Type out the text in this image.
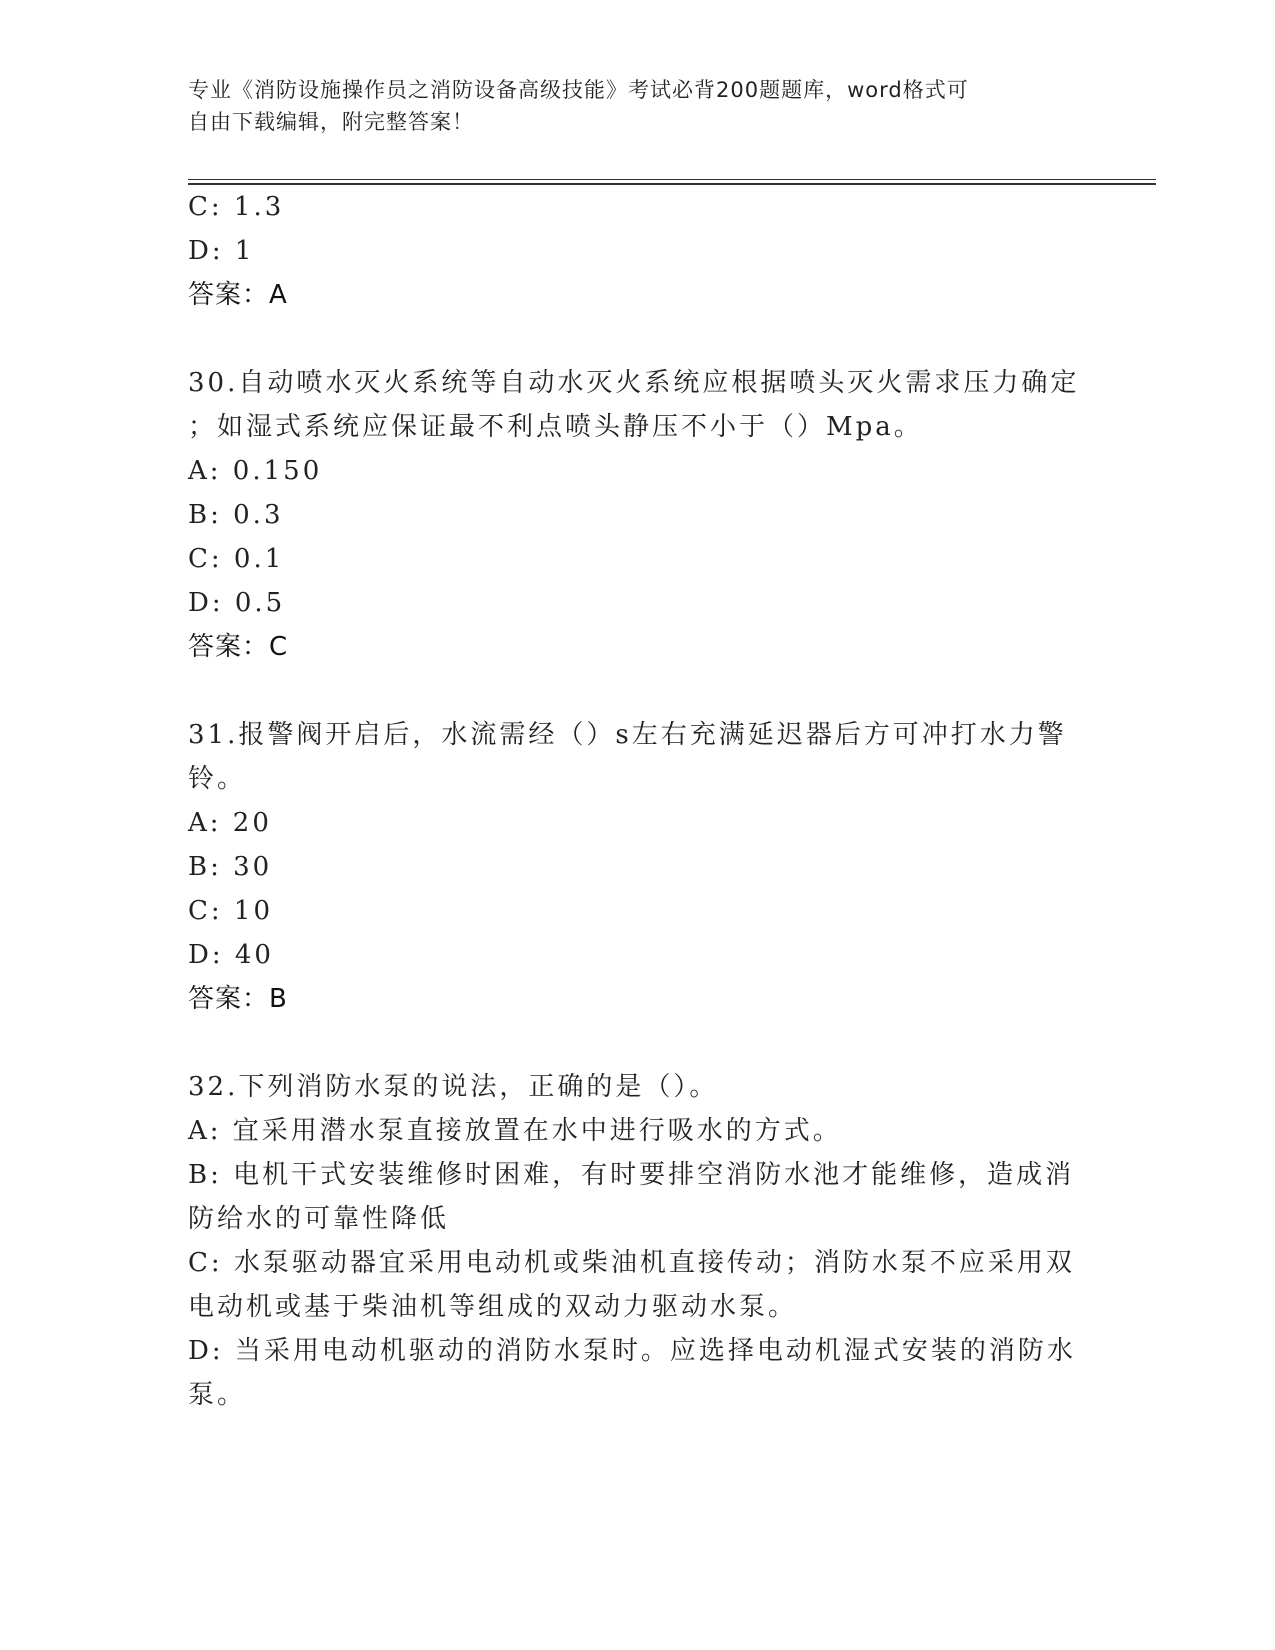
专业《消防设施操作员之消防设备高级技能》考试必背200题题库，word格式可
自由下载编辑，附完整答案！
C: 1.3
D: 1
答案：A
30.自动喷水灭火系统等自动水灭火系统应根据喷头灭火需求压力确定
；如湿式系统应保证最不利点喷头静压不小于（）Mpa。
A: 0.150
B: 0.3
C: 0.1
D: 0.5
答案：C
31.报警阀开启后，水流需经（）s左右充满延迟器后方可冲打水力警
铃。
A: 20
B: 30
C: 10
D: 40
答案：B
32.下列消防水泵的说法，正确的是（）。
A: 宜采用潜水泵直接放置在水中进行吸水的方式。
B: 电机干式安装维修时困难，有时要排空消防水池才能维修，造成消
防给水的可靠性降低
C: 水泵驱动器宜采用电动机或柴油机直接传动；消防水泵不应采用双
电动机或基于柴油机等组成的双动力驱动水泵。
D: 当采用电动机驱动的消防水泵时。应选择电动机湿式安装的消防水
泵。
